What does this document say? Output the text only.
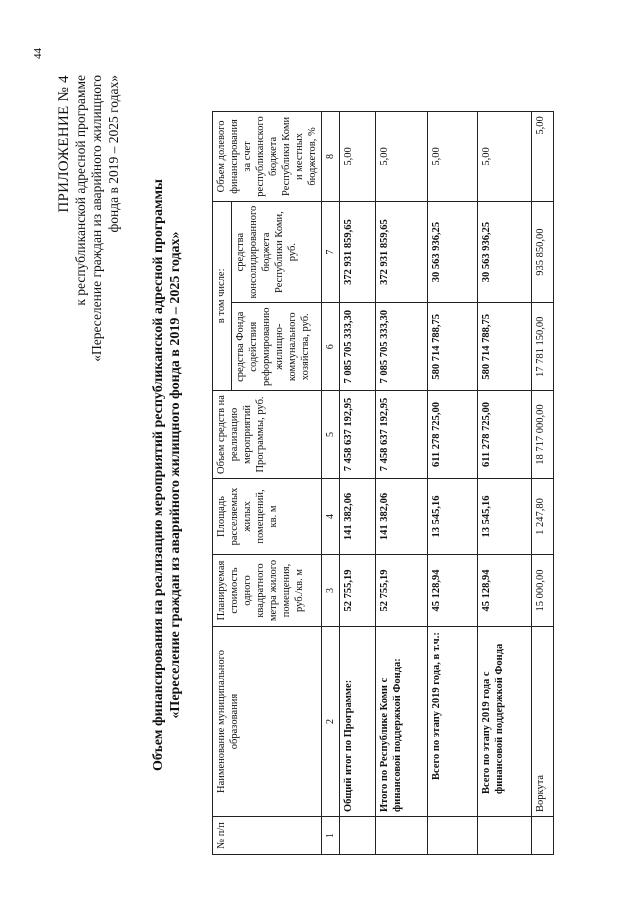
44
ПРИЛОЖЕНИЕ № 4 к республиканской адресной программе «Переселение граждан из аварийного жилищного фонда в 2019 – 2025 годах»
Объем финансирования на реализацию мероприятий республиканской адресной программы «Переселение граждан из аварийного жилищного фонда в 2019 – 2025 годах»
№ п/п	Наименование муниципального образования	Планируемая стоимость одного квадратного метра жилого помещения, руб./кв. м	Площадь расселяемых жилых помещений, кв. м	Объем средств на реализацию мероприятий Программы, руб.	в том числе:		Объем долевого финансирования за счет республиканского бюджета Республики Коми и местных бюджетов, %
					средства Фонда содействия реформированию жилищно-коммунального хозяйства, руб.	средства консолидированного бюджета Республики Коми, руб.	
1	2	3	4	5	6	7	8
	Общий итог по Программе:	52 755,19	141 382,06	7 458 637 192,95	7 085 705 333,30	372 931 859,65	5,00
	Итого по Республике Коми с финансовой поддержкой Фонда:	52 755,19	141 382,06	7 458 637 192,95	7 085 705 333,30	372 931 859,65	5,00
	Всего по этапу 2019 года, в т.ч.:	45 128,94	13 545,16	611 278 725,00	580 714 788,75	30 563 936,25	5,00
	Всего по этапу 2019 года с финансовой поддержкой Фонда	45 128,94	13 545,16	611 278 725,00	580 714 788,75	30 563 936,25	5,00
	Воркута	15 000,00	1 247,80	18 717 000,00	17 781 150,00	935 850,00	5,00
